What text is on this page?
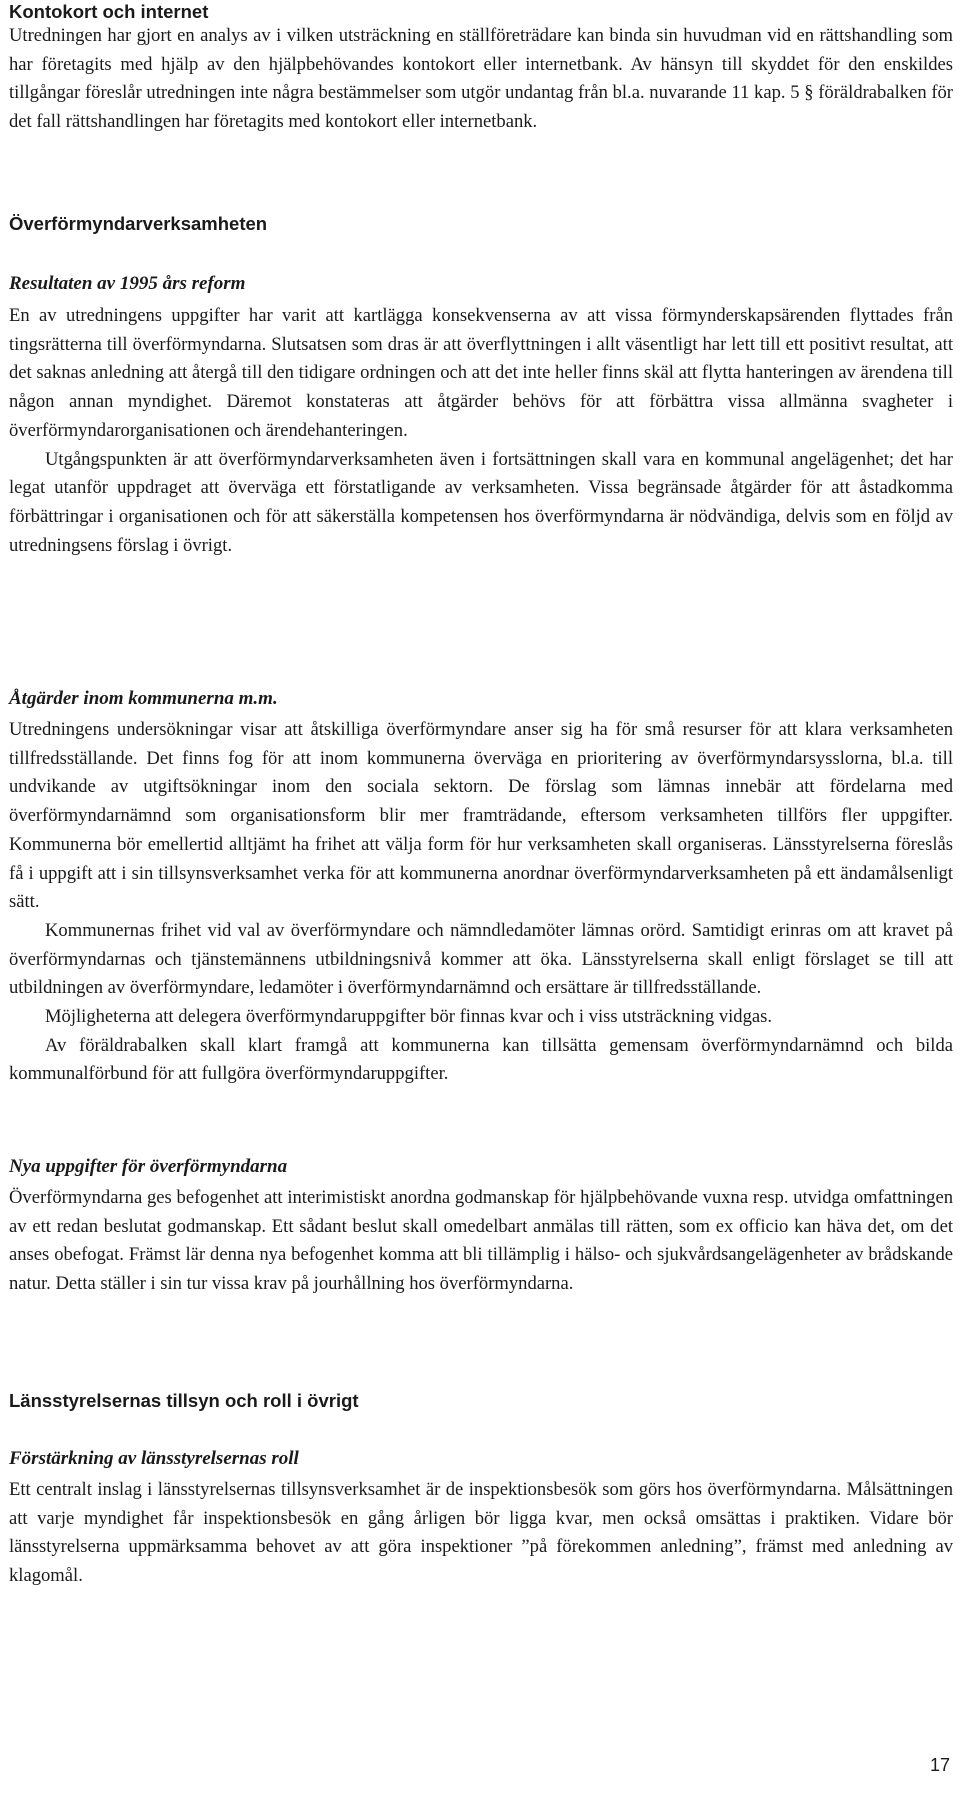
Kontokort och internet

Utredningen har gjort en analys av i vilken utsträckning en ställföreträdare kan binda sin huvudman vid en rättshandling som har företagits med hjälp av den hjälpbehövandes kontokort eller internetbank. Av hänsyn till skyddet för den enskildes tillgångar föreslår utredningen inte några bestämmelser som utgör undantag från bl.a. nuvarande 11 kap. 5 § föräldrabalken för det fall rättshandlingen har företagits med kontokort eller internetbank.

Överförmyndarverksamheten
Resultaten av 1995 års reform

En av utredningens uppgifter har varit att kartlägga konsekvenserna av att vissa förmynderskapsärenden flyttades från tingsrätterna till överförmyndarna. Slutsatsen som dras är att överflyttningen i allt väsentligt har lett till ett positivt resultat, att det saknas anledning att återgå till den tidigare ordningen och att det inte heller finns skäl att flytta hanteringen av ärendena till någon annan myndighet. Däremot konstateras att åtgärder behövs för att förbättra vissa allmänna svagheter i överförmyndarorganisationen och ärendehanteringen.

Utgångspunkten är att överförmyndarverksamheten även i fortsättningen skall vara en kommunal angelägenhet; det har legat utanför uppdraget att överväga ett förstatligande av verksamheten. Vissa begränsade åtgärder för att åstadkomma förbättringar i organisationen och för att säkerställa kompetensen hos överförmyndarna är nödvändiga, delvis som en följd av utredningsens förslag i övrigt.

Åtgärder inom kommunerna m.m.

Utredningens undersökningar visar att åtskilliga överförmyndare anser sig ha för små resurser för att klara verksamheten tillfredsställande. Det finns fog för att inom kommunerna överväga en prioritering av överförmyndarsysslorna, bl.a. till undvikande av utgiftsökningar inom den sociala sektorn. De förslag som lämnas innebär att fördelarna med överförmyndarnämnd som organisationsform blir mer framträdande, eftersom verksamheten tillförs fler uppgifter. Kommunerna bör emellertid alltjämt ha frihet att välja form för hur verksamheten skall organiseras. Länsstyrelserna föreslås få i uppgift att i sin tillsynsverksamhet verka för att kommunerna anordnar överförmyndarverksamheten på ett ändamålsenligt sätt.

Kommunernas frihet vid val av överförmyndare och nämndledamöter lämnas orörd. Samtidigt erinras om att kravet på överförmyndarnas och tjänstemännens utbildningsnivå kommer att öka. Länsstyrelserna skall enligt förslaget se till att utbildningen av överförmyndare, ledamöter i överförmyndarnämnd och ersättare är tillfredsställande.

Möjligheterna att delegera överförmyndaruppgifter bör finnas kvar och i viss utsträckning vidgas.

Av föräldrabalken skall klart framgå att kommunerna kan tillsätta gemensam överförmyndarnämnd och bilda kommunalförbund för att fullgöra överförmyndaruppgifter.

Nya uppgifter för överförmyndarna

Överförmyndarna ges befogenhet att interimistiskt anordna godmanskap för hjälpbehövande vuxna resp. utvidga omfattningen av ett redan beslutat godmanskap. Ett sådant beslut skall omedelbart anmälas till rätten, som ex officio kan häva det, om det anses obefogat. Främst lär denna nya befogenhet komma att bli tillämplig i hälso- och sjukvårdsangelägenheter av brådskande natur. Detta ställer i sin tur vissa krav på jourhållning hos överförmyndarna.

Länsstyrelsernas tillsyn och roll i övrigt
Förstärkning av länsstyrelsernas roll

Ett centralt inslag i länsstyrelsernas tillsynsverksamhet är de inspektionsbesök som görs hos överförmyndarna. Målsättningen att varje myndighet får inspektionsbesök en gång årligen bör ligga kvar, men också omsättas i praktiken. Vidare bör länsstyrelserna uppmärksamma behovet av att göra inspektioner ”på förekommen anledning”, främst med anledning av klagomål.

17
